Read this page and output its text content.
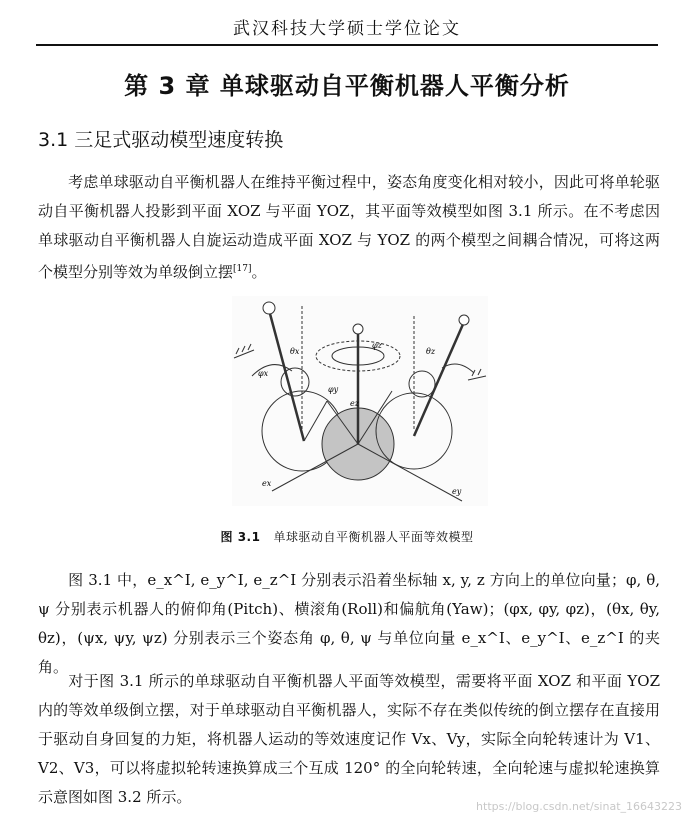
武汉科技大学硕士学位论文
第 3 章 单球驱动自平衡机器人平衡分析
3.1 三足式驱动模型速度转换

考虑单球驱动自平衡机器人在维持平衡过程中，姿态角度变化相对较小，因此可将单轮驱动自平衡机器人投影到平面 XOZ 与平面 YOZ，其平面等效模型如图 3.1 所示。在不考虑因单球驱动自平衡机器人自旋运动造成平面 XOZ 与 YOZ 的两个模型之间耦合情况，可将这两个模型分别等效为单级倒立摆[17]。

θx
φx
ez
φy
φz
θz
ex
ey
图 3.1 单球驱动自平衡机器人平面等效模型

图 3.1 中，e_x^I, e_y^I, e_z^I 分别表示沿着坐标轴 x, y, z 方向上的单位向量；φ, θ, ψ 分别表示机器人的俯仰角(Pitch)、横滚角(Roll)和偏航角(Yaw)；(φx, φy, φz)，(θx, θy, θz)，(ψx, ψy, ψz) 分别表示三个姿态角 φ, θ, ψ 与单位向量 e_x^I、e_y^I、e_z^I 的夹角。

对于图 3.1 所示的单球驱动自平衡机器人平面等效模型，需要将平面 XOZ 和平面 YOZ 内的等效单级倒立摆，对于单球驱动自平衡机器人，实际不存在类似传统的倒立摆存在直接用于驱动自身回复的力矩，将机器人运动的等效速度记作 Vx、Vy，实际全向轮转速计为 V1、V2、V3，可以将虚拟轮转速换算成三个互成 120° 的全向轮转速，全向轮速与虚拟轮速换算示意图如图 3.2 所示。

https://blog.csdn.net/sinat_16643223
